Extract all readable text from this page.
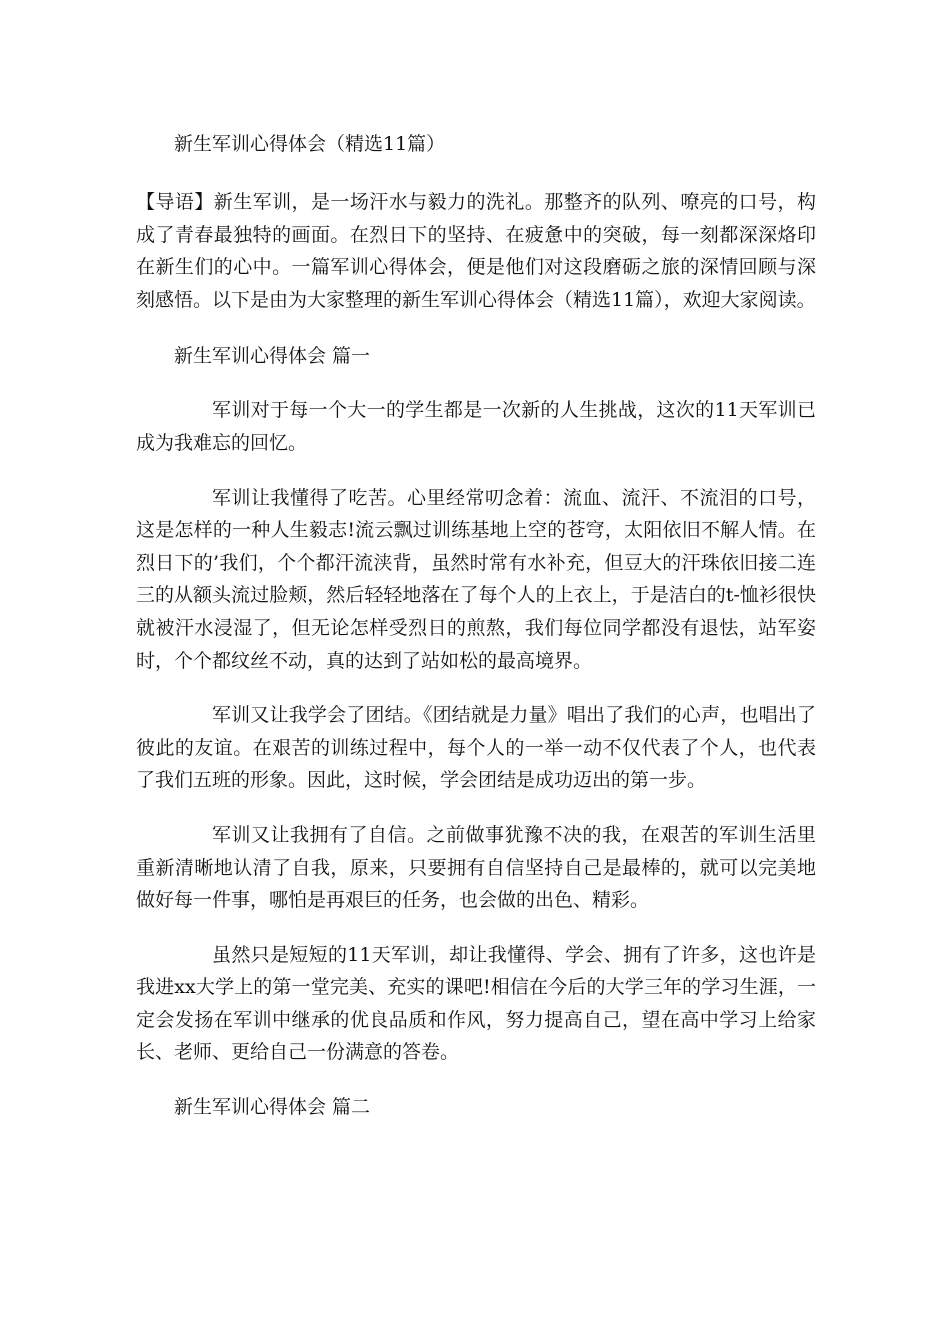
新生军训心得体会（精选11篇）

【导语】新生军训，是一场汗水与毅力的洗礼。那整齐的队列、嘹亮的口号，构成了青春最独特的画面。在烈日下的坚持、在疲惫中的突破，每一刻都深深烙印在新生们的心中。一篇军训心得体会，便是他们对这段磨砺之旅的深情回顾与深刻感悟。以下是由为大家整理的新生军训心得体会（精选11篇），欢迎大家阅读。

新生军训心得体会 篇一

军训对于每一个大一的学生都是一次新的人生挑战，这次的11天军训已成为我难忘的回忆。

军训让我懂得了吃苦。心里经常叨念着：流血、流汗、不流泪的口号，这是怎样的一种人生毅志!流云飘过训练基地上空的苍穹，太阳依旧不解人情。在烈日下的’我们，个个都汗流浃背，虽然时常有水补充，但豆大的汗珠依旧接二连三的从额头流过脸颊，然后轻轻地落在了每个人的上衣上，于是洁白的t-恤衫很快就被汗水浸湿了，但无论怎样受烈日的煎熬，我们每位同学都没有退怯，站军姿时，个个都纹丝不动，真的达到了站如松的最高境界。

军训又让我学会了团结。《团结就是力量》唱出了我们的心声，也唱出了彼此的友谊。在艰苦的训练过程中，每个人的一举一动不仅代表了个人，也代表了我们五班的形象。因此，这时候，学会团结是成功迈出的第一步。

军训又让我拥有了自信。之前做事犹豫不决的我，在艰苦的军训生活里重新清晰地认清了自我，原来，只要拥有自信坚持自己是最棒的，就可以完美地做好每一件事，哪怕是再艰巨的任务，也会做的出色、精彩。

虽然只是短短的11天军训，却让我懂得、学会、拥有了许多，这也许是我进xx大学上的第一堂完美、充实的课吧!相信在今后的大学三年的学习生涯，一定会发扬在军训中继承的优良品质和作风，努力提高自己，望在高中学习上给家长、老师、更给自己一份满意的答卷。

新生军训心得体会 篇二
